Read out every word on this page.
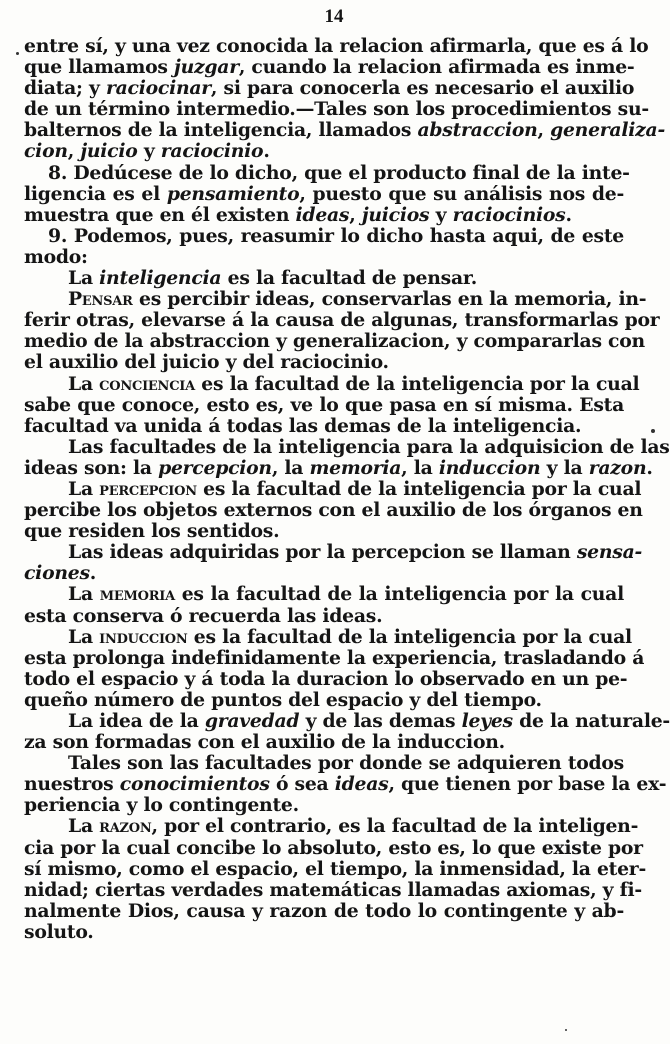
14
entre sí, y una vez conocida la relacion afirmarla, que es á lo
que llamamos juzgar, cuando la relacion afirmada es inme-
diata; y raciocinar, si para conocerla es necesario el auxilio
de un término intermedio.—Tales son los procedimientos su-
balternos de la inteligencia, llamados abstraccion, generaliza-
cion, juicio y raciocinio.
8. Dedúcese de lo dicho, que el producto final de la inte-
ligencia es el pensamiento, puesto que su análisis nos de-
muestra que en él existen ideas, juicios y raciocinios.
9. Podemos, pues, reasumir lo dicho hasta aqui, de este
modo:
La inteligencia es la facultad de pensar.
Pensar es percibir ideas, conservarlas en la memoria, in-
ferir otras, elevarse á la causa de algunas, transformarlas por
medio de la abstraccion y generalizacion, y compararlas con
el auxilio del juicio y del raciocinio.
La conciencia es la facultad de la inteligencia por la cual
sabe que conoce, esto es, ve lo que pasa en sí misma. Esta
facultad va unida á todas las demas de la inteligencia.
Las facultades de la inteligencia para la adquisicion de las
ideas son: la percepcion, la memoria, la induccion y la razon.
La percepcion es la facultad de la inteligencia por la cual
percibe los objetos externos con el auxilio de los órganos en
que residen los sentidos.
Las ideas adquiridas por la percepcion se llaman sensa-
ciones.
La memoria es la facultad de la inteligencia por la cual
esta conserva ó recuerda las ideas.
La induccion es la facultad de la inteligencia por la cual
esta prolonga indefinidamente la experiencia, trasladando á
todo el espacio y á toda la duracion lo observado en un pe-
queño número de puntos del espacio y del tiempo.
La idea de la gravedad y de las demas leyes de la naturale-
za son formadas con el auxilio de la induccion.
Tales son las facultades por donde se adquieren todos
nuestros conocimientos ó sea ideas, que tienen por base la ex-
periencia y lo contingente.
La razon, por el contrario, es la facultad de la inteligen-
cia por la cual concibe lo absoluto, esto es, lo que existe por
sí mismo, como el espacio, el tiempo, la inmensidad, la eter-
nidad; ciertas verdades matemáticas llamadas axiomas, y fi-
nalmente Dios, causa y razon de todo lo contingente y ab-
soluto.
